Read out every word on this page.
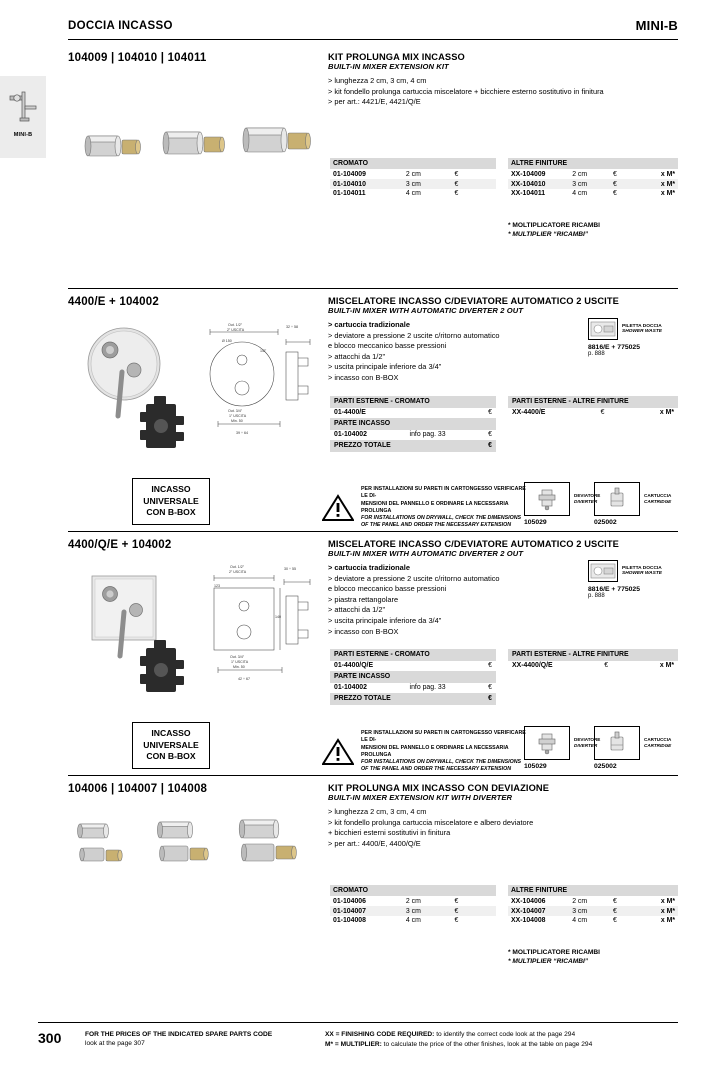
DOCCIA INCASSO	MINI-B
MINI-B
104009 | 104010 | 104011	KIT PROLUNGA MIX INCASSO
BUILT-IN MIXER EXTENSION KIT
> lunghezza 2 cm, 3 cm, 4 cm
> kit fondello prolunga cartuccia miscelatore + bicchiere esterno sostitutivo in finitura
> per art.: 4421/E, 4421/Q/E
CROMATO		
01-104009	2 cm	€
01-104010	3 cm	€
01-104011	4 cm	€
ALTRE FINITURE			
XX-104009	2 cm	€	x M*
XX-104010	3 cm	€	x M*
XX-104011	4 cm	€	x M*
* MOLTIPLICATORE RICAMBI
* MULTIPLIER “RICAMBI”
4400/E + 104002	MISCELATORE INCASSO C/DEVIATORE AUTOMATICO 2 USCITE
BUILT-IN MIXER WITH AUTOMATIC DIVERTER 2 OUT
> cartuccia tradizionale
> deviatore a pressione 2 uscite c/ritorno automatico
e blocco meccanico basse pressioni
> attacchi da 1/2”
> uscita principale inferiore da 3/4”
> incasso con B-BOX
Out. 1/2”
2” USCITA
Ø 150
32 ÷ 58
1/2”
Out. 3/4”
1” USCITA
Min. 50
39 ÷ 64
PILETTA DOCCIA
SHOWER WASTE
8816/E + 775025
p. 888
PARTI ESTERNE - CROMATO
01-4400/E	€
PARTE INCASSO
01-104002	info pag. 33	€
PREZZO TOTALE	€
PARTI ESTERNE - ALTRE FINITURE
XX-4400/E	€	x M*
INCASSO
UNIVERSALE
CON B-BOX
PER INSTALLAZIONI SU PARETI IN CARTONGESSO VERIFICARE LE DI-
MENSIONI DEL PANNELLO E ORDINARE LA NECESSARIA PROLUNGA
FOR INSTALLATIONS ON DRYWALL, CHECK THE DIMENSIONS
OF THE PANEL AND ORDER THE NECESSARY EXTENSION
DEVIATORE
DIVERTER
105029
CARTUCCIA
CARTRIDGE
025002
4400/Q/E + 104002	MISCELATORE INCASSO C/DEVIATORE AUTOMATICO 2 USCITE
BUILT-IN MIXER WITH AUTOMATIC DIVERTER 2 OUT
> cartuccia tradizionale
> deviatore a pressione 2 uscite c/ritorno automatico
e blocco meccanico basse pressioni
> piastra rettangolare
> attacchi da 1/2”
> uscita principale inferiore da 3/4”
> incasso con B-BOX
Out. 1/2”
2” USCITA
30 ÷ 55
123
140
Out. 3/4”
1” USCITA
Min. 50
42 ÷ 67
PILETTA DOCCIA
SHOWER WASTE
8816/E + 775025
p. 888
PARTI ESTERNE - CROMATO
01-4400/Q/E	€
PARTE INCASSO
01-104002	info pag. 33	€
PREZZO TOTALE	€
PARTI ESTERNE - ALTRE FINITURE
XX-4400/Q/E	€	x M*
INCASSO
UNIVERSALE
CON B-BOX
PER INSTALLAZIONI SU PARETI IN CARTONGESSO VERIFICARE LE DI-
MENSIONI DEL PANNELLO E ORDINARE LA NECESSARIA PROLUNGA
FOR INSTALLATIONS ON DRYWALL, CHECK THE DIMENSIONS
OF THE PANEL AND ORDER THE NECESSARY EXTENSION
DEVIATORE
DIVERTER
105029
CARTUCCIA
CARTRIDGE
025002
104006 | 104007 | 104008	KIT PROLUNGA MIX INCASSO CON DEVIAZIONE
BUILT-IN MIXER EXTENSION KIT WITH DIVERTER
> lunghezza 2 cm, 3 cm, 4 cm
> kit fondello prolunga cartuccia miscelatore e albero deviatore
+ bicchieri esterni sostitutivi in finitura
> per art.: 4400/E, 4400/Q/E
CROMATO		
01-104006	2 cm	€
01-104007	3 cm	€
01-104008	4 cm	€
ALTRE FINITURE			
XX-104006	2 cm	€	x M*
XX-104007	3 cm	€	x M*
XX-104008	4 cm	€	x M*
* MOLTIPLICATORE RICAMBI
* MULTIPLIER “RICAMBI”
300	FOR THE PRICES OF THE INDICATED SPARE PARTS CODE
look at the page 307
XX = FINISHING CODE REQUIRED: to identify the correct code look at the page 294
M* = MULTIPLIER: to calculate the price of the other finishes, look at the table on page 294
